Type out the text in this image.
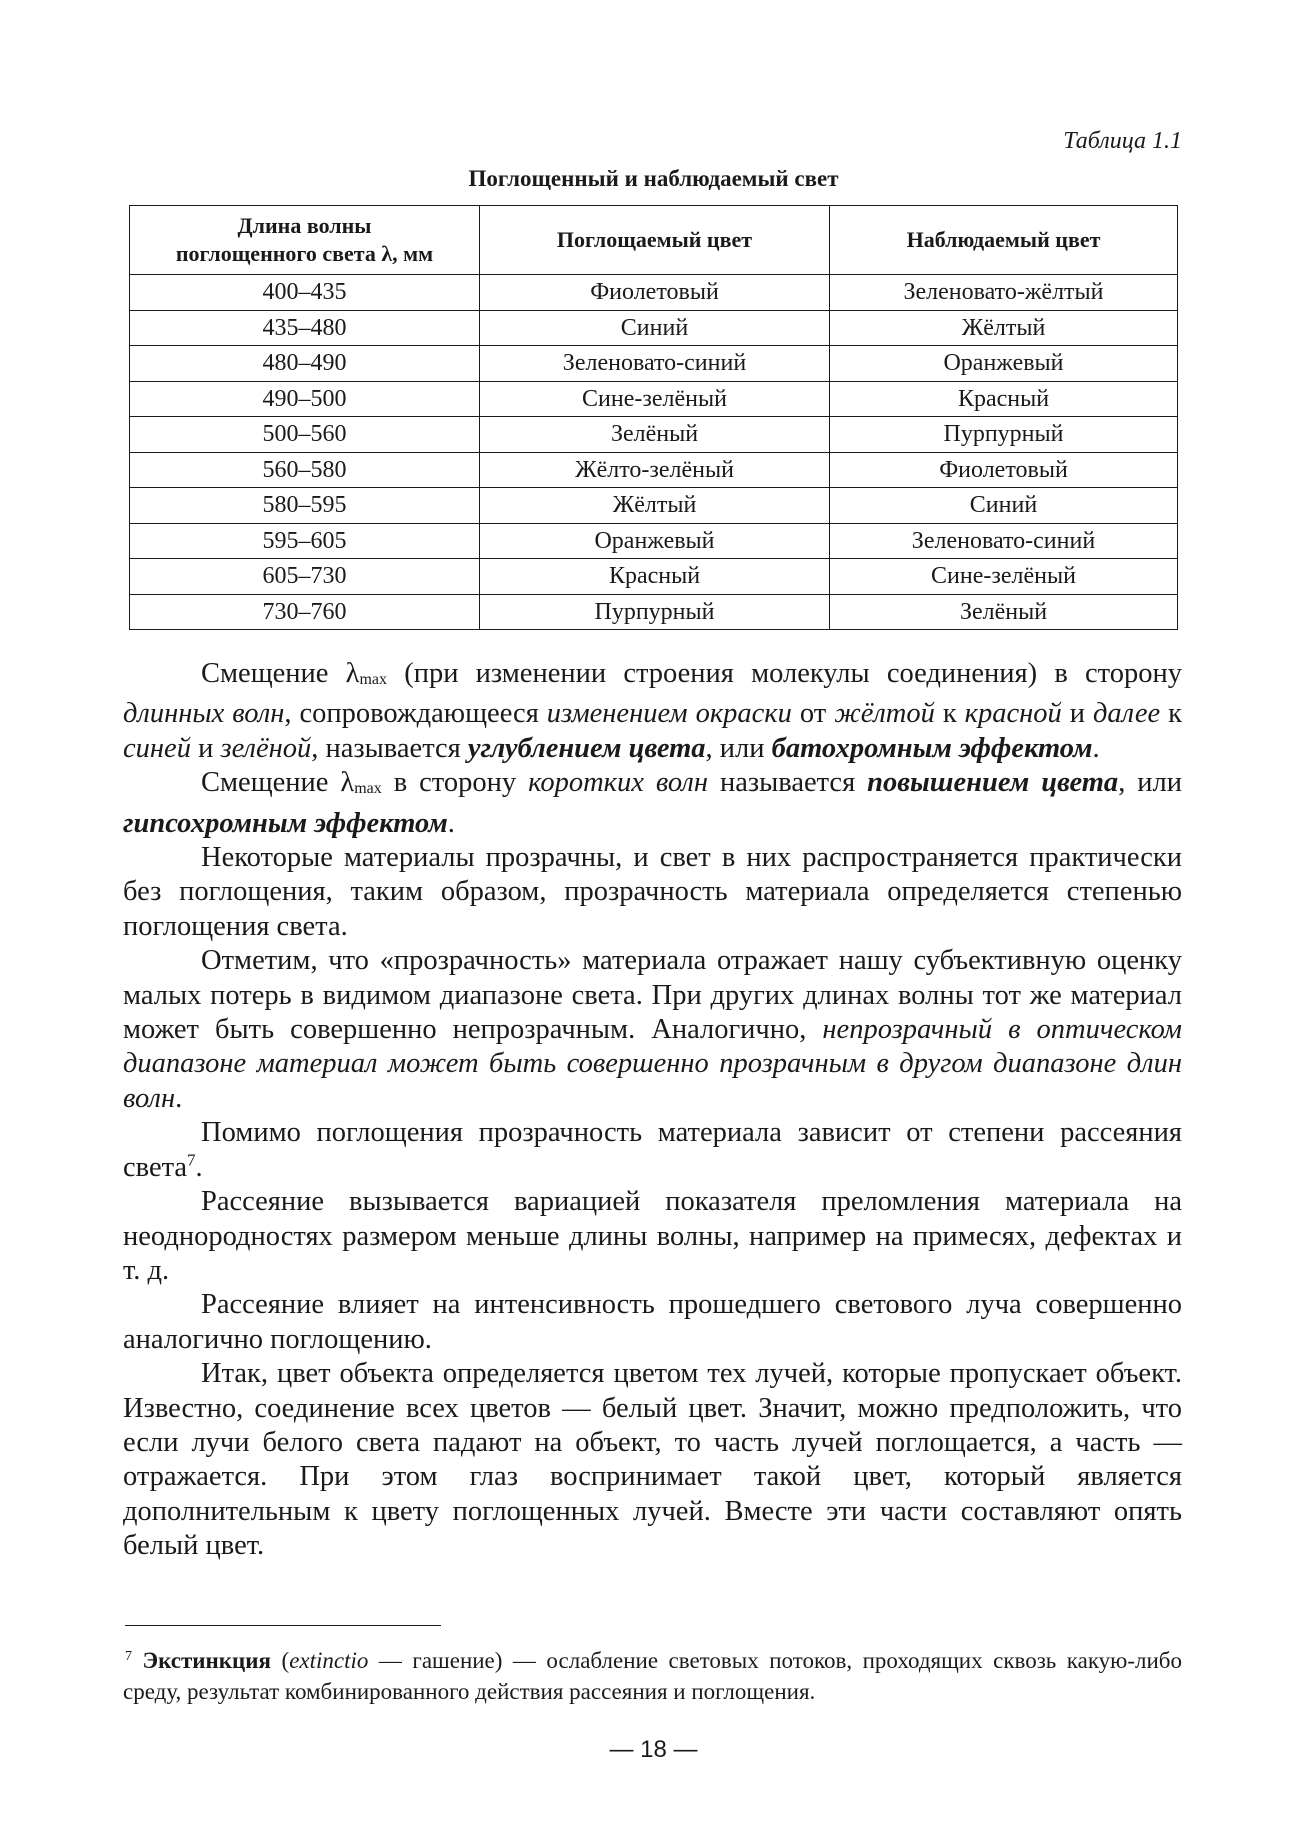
Таблица 1.1
Поглощенный и наблюдаемый свет
Длина волны
поглощенного света λ, мм	Поглощаемый цвет	Наблюдаемый цвет
400–435	Фиолетовый	Зеленовато-жёлтый
435–480	Синий	Жёлтый
480–490	Зеленовато-синий	Оранжевый
490–500	Сине-зелёный	Красный
500–560	Зелёный	Пурпурный
560–580	Жёлто-зелёный	Фиолетовый
580–595	Жёлтый	Синий
595–605	Оранжевый	Зеленовато-синий
605–730	Красный	Сине-зелёный
730–760	Пурпурный	Зелёный

Смещение $\lambda_{max}$ (при изменении строения молекулы соединения) в сторону длинных волн, сопровождающееся изменением окраски от жёлтой к красной и далее к синей и зелёной, называется углублением цвета, или батохромным эффектом.

Смещение $\lambda_{max}$ в сторону коротких волн называется повышением цвета, или гипсохромным эффектом.

Некоторые материалы прозрачны, и свет в них распространяется практически без поглощения, таким образом, прозрачность материала определяется степенью поглощения света.

Отметим, что «прозрачность» материала отражает нашу субъективную оценку малых потерь в видимом диапазоне света. При других длинах волны тот же материал может быть совершенно непрозрачным. Аналогично, непрозрачный в оптическом диапазоне материал может быть совершенно прозрачным в другом диапазоне длин волн.

Помимо поглощения прозрачность материала зависит от степени рассеяния света$^7$.

Рассеяние вызывается вариацией показателя преломления материала на неоднородностях размером меньше длины волны, например на примесях, дефектах и т. д.

Рассеяние влияет на интенсивность прошедшего светового луча совершенно аналогично поглощению.

Итак, цвет объекта определяется цветом тех лучей, которые пропускает объект. Известно, соединение всех цветов — белый цвет. Значит, можно предположить, что если лучи белого света падают на объект, то часть лучей поглощается, а часть — отражается. При этом глаз воспринимает такой цвет, который является дополнительным к цвету поглощенных лучей. Вместе эти части составляют опять белый цвет.

$^7$ Экстинкция (extinctio — гашение) — ослабление световых потоков, проходящих сквозь какую-либо среду, результат комбинированного действия рассеяния и поглощения.

— 18 —
